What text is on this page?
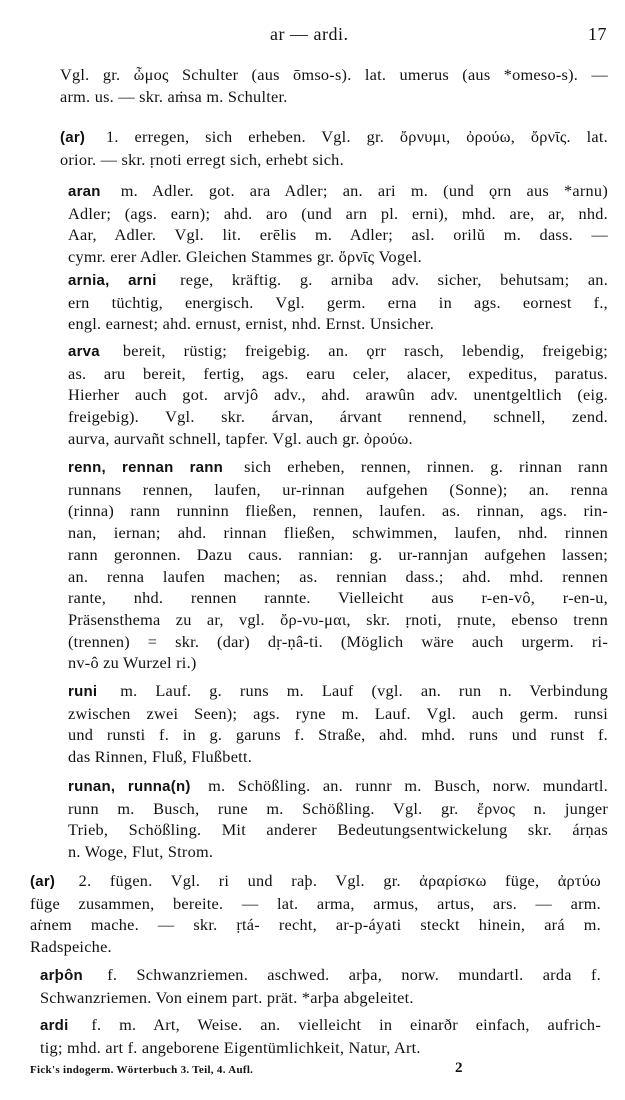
ar — ardi.	17
Vgl. gr. ὦμος Schulter (aus ōmso-s). lat. umerus (aus *omeso-s). —
arm. us. — skr. aṁsa m. Schulter.
(ar) 1. erregen, sich erheben. Vgl. gr. ὄρνυμι, ὀρούω, ὄρνῑς. lat.
orior. — skr. ṛnoti erregt sich, erhebt sich.
aran m. Adler. got. ara Adler; an. ari m. (und ǫrn aus *arnu)
Adler; (ags. earn); ahd. aro (und arn pl. erni), mhd. are, ar, nhd.
Aar, Adler. Vgl. lit. erēlis m. Adler; asl. orilŭ m. dass. —
cymr. erer Adler. Gleichen Stammes gr. ὄρνῑς Vogel.
arnia, arni rege, kräftig. g. arniba adv. sicher, behutsam; an.
ern tüchtig, energisch. Vgl. germ. erna in ags. eornest f.,
engl. earnest; ahd. ernust, ernist, nhd. Ernst. Unsicher.
arva bereit, rüstig; freigebig. an. ǫrr rasch, lebendig, freigebig;
as. aru bereit, fertig, ags. earu celer, alacer, expeditus, paratus.
Hierher auch got. arvjô adv., ahd. arawûn adv. unentgeltlich (eig.
freigebig). Vgl. skr. árvan, árvant rennend, schnell, zend.
aurva, aurvañt schnell, tapfer. Vgl. auch gr. ὀρούω.
renn, rennan rann sich erheben, rennen, rinnen. g. rinnan rann
runnans rennen, laufen, ur-rinnan aufgehen (Sonne); an. renna
(rinna) rann runninn fließen, rennen, laufen. as. rinnan, ags. rin-
nan, iernan; ahd. rinnan fließen, schwimmen, laufen, nhd. rinnen
rann geronnen. Dazu caus. rannian: g. ur-rannjan aufgehen lassen;
an. renna laufen machen; as. rennian dass.; ahd. mhd. rennen
rante, nhd. rennen rannte. Vielleicht aus r-en-vô, r-en-u,
Präsensthema zu ar, vgl. ὄρ-νυ-μαι, skr. ṛnoti, ṛnute, ebenso trenn
(trennen) = skr. (dar) dṛ-ṇâ-ti. (Möglich wäre auch urgerm. ri-
nv-ô zu Wurzel ri.)
runi m. Lauf. g. runs m. Lauf (vgl. an. run n. Verbindung
zwischen zwei Seen); ags. ryne m. Lauf. Vgl. auch germ. runsi
und runsti f. in g. garuns f. Straße, ahd. mhd. runs und runst f.
das Rinnen, Fluß, Flußbett.
runan, runna(n) m. Schößling. an. runnr m. Busch, norw. mundartl.
runn m. Busch, rune m. Schößling. Vgl. gr. ἔρνος n. junger
Trieb, Schößling. Mit anderer Bedeutungsentwickelung skr. árṇas
n. Woge, Flut, Strom.
(ar) 2. fügen. Vgl. ri und raþ. Vgl. gr. ἀραρίσκω füge, ἀρτύω
füge zusammen, bereite. — lat. arma, armus, artus, ars. — arm.
aṙnem mache. — skr. ṛtá- recht, ar-p-áyati steckt hinein, ará m.
Radspeiche.
arþôn f. Schwanzriemen. aschwed. arþa, norw. mundartl. arda f.
Schwanzriemen. Von einem part. prät. *arþa abgeleitet.
ardi f. m. Art, Weise. an. vielleicht in einarðr einfach, aufrich-
tig; mhd. art f. angeborene Eigentümlichkeit, Natur, Art.
Fick's indogerm. Wörterbuch 3. Teil, 4. Aufl.	2
